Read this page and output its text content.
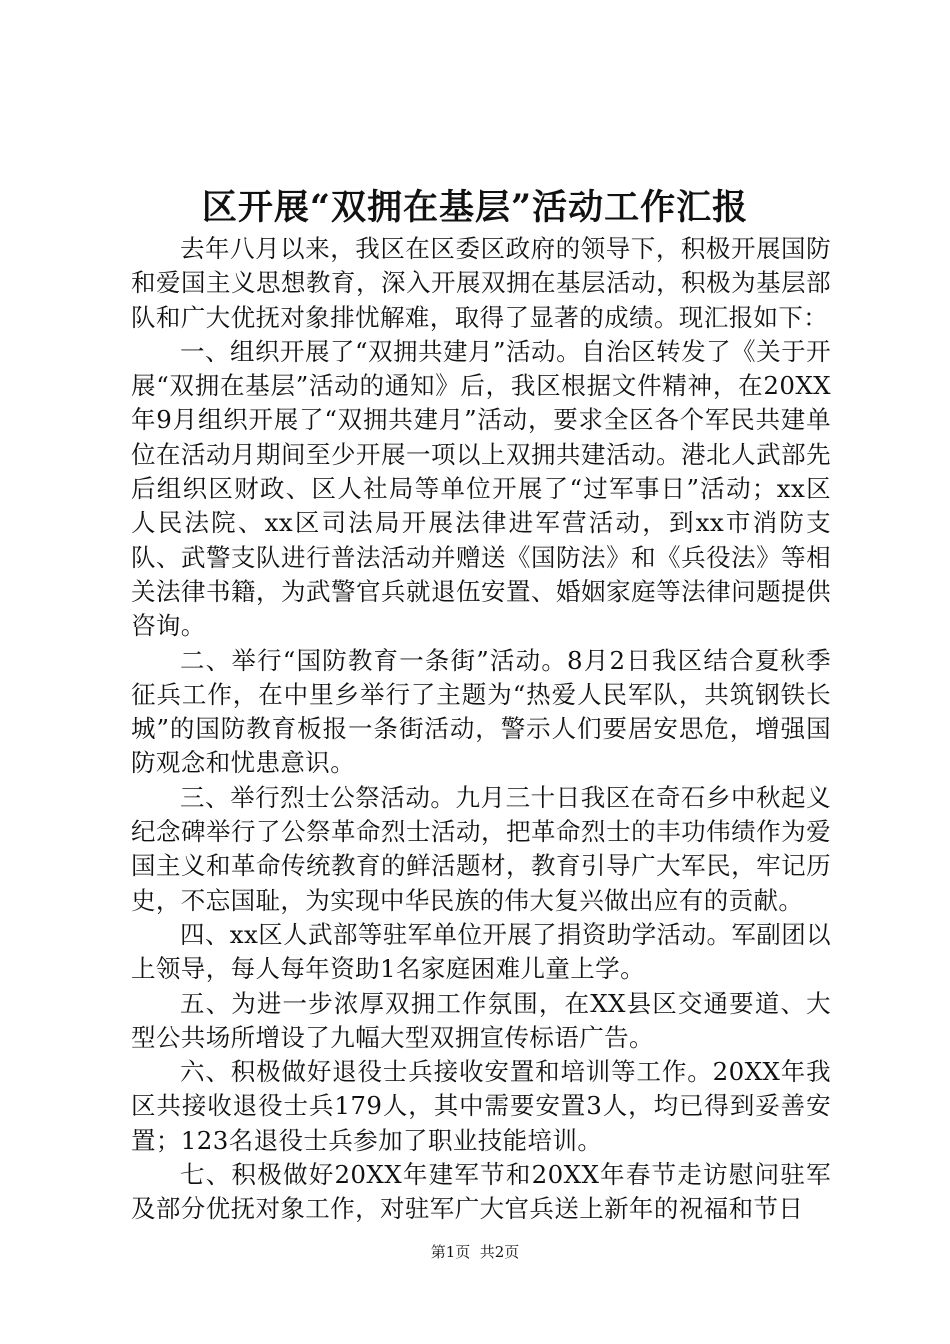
区开展“双拥在基层”活动工作汇报

去年八月以来，我区在区委区政府的领导下，积极开展国防和爱国主义思想教育，深入开展双拥在基层活动，积极为基层部队和广大优抚对象排忧解难，取得了显著的成绩。现汇报如下：

一、组织开展了“双拥共建月”活动。自治区转发了《关于开展“双拥在基层”活动的通知》后，我区根据文件精神，在20XX年9月组织开展了“双拥共建月”活动，要求全区各个军民共建单位在活动月期间至少开展一项以上双拥共建活动。港北人武部先后组织区财政、区人社局等单位开展了“过军事日”活动；xx区人民法院、xx区司法局开展法律进军营活动，到xx市消防支队、武警支队进行普法活动并赠送《国防法》和《兵役法》等相关法律书籍，为武警官兵就退伍安置、婚姻家庭等法律问题提供咨询。

二、举行“国防教育一条街”活动。8月2日我区结合夏秋季征兵工作，在中里乡举行了主题为“热爱人民军队，共筑钢铁长城”的国防教育板报一条街活动，警示人们要居安思危，增强国防观念和忧患意识。

三、举行烈士公祭活动。九月三十日我区在奇石乡中秋起义纪念碑举行了公祭革命烈士活动，把革命烈士的丰功伟绩作为爱国主义和革命传统教育的鲜活题材，教育引导广大军民，牢记历史，不忘国耻，为实现中华民族的伟大复兴做出应有的贡献。

四、xx区人武部等驻军单位开展了捐资助学活动。军副团以上领导，每人每年资助1名家庭困难儿童上学。

五、为进一步浓厚双拥工作氛围，在XX县区交通要道、大型公共场所增设了九幅大型双拥宣传标语广告。

六、积极做好退役士兵接收安置和培训等工作。20XX年我区共接收退役士兵179人，其中需要安置3人，均已得到妥善安置；123名退役士兵参加了职业技能培训。

七、积极做好20XX年建军节和20XX年春节走访慰问驻军及部分优抚对象工作，对驻军广大官兵送上新年的祝福和节日

第1页  共2页
